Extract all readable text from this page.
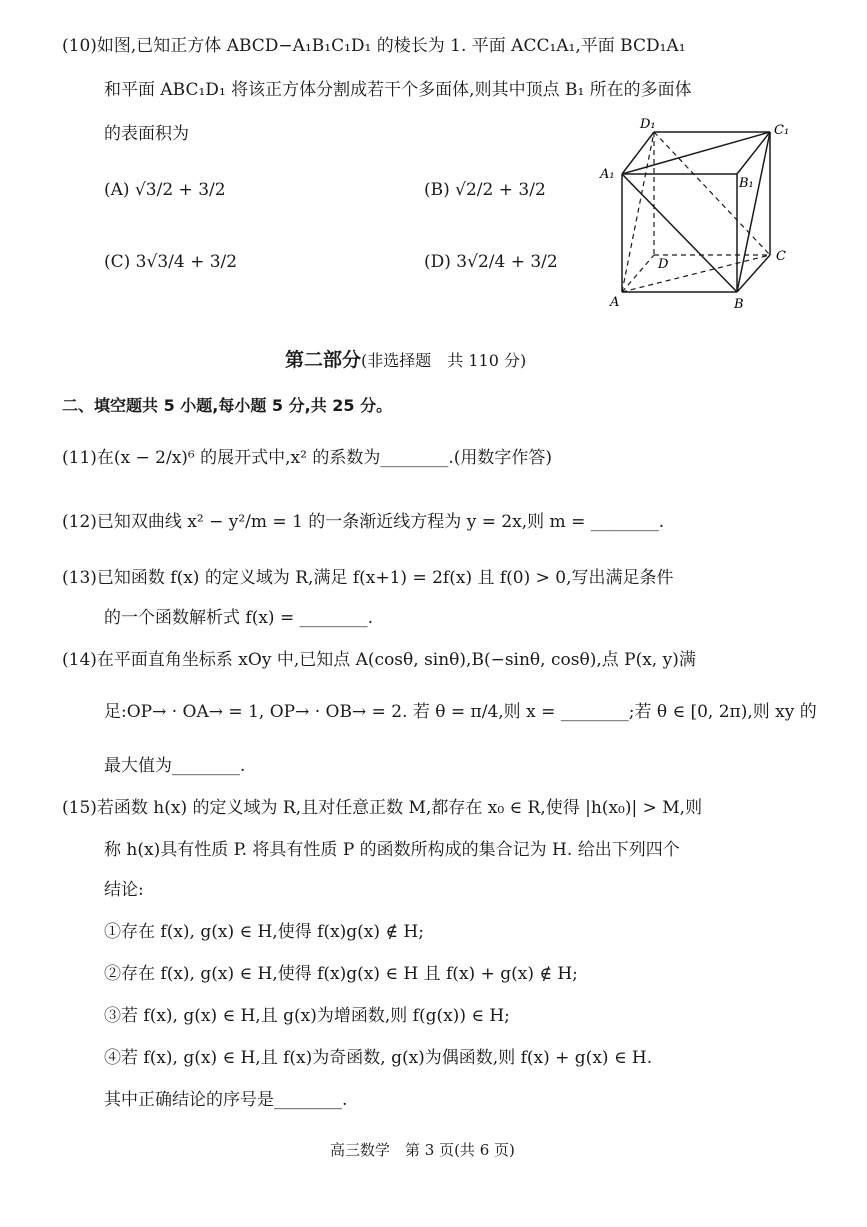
(10)如图,已知正方体 ABCD−A₁B₁C₁D₁ 的棱长为 1. 平面 ACC₁A₁,平面 BCD₁A₁
和平面 ABC₁D₁ 将该正方体分割成若干个多面体,则其中顶点 B₁ 所在的多面体
的表面积为
(A) √3/2 + 3/2	(B) √2/2 + 3/2
(C) 3√3/4 + 3/2	(D) 3√2/4 + 3/2
D₁	C₁
A₁
B₁
D
C
A	B
第二部分(非选择题　共 110 分)
二、填空题共 5 小题,每小题 5 分,共 25 分。
(11)在(x − 2/x)⁶ 的展开式中,x² 的系数为________.(用数字作答)
(12)已知双曲线 x² − y²/m = 1 的一条渐近线方程为 y = 2x,则 m = ________.
(13)已知函数 f(x) 的定义域为 R,满足 f(x+1) = 2f(x) 且 f(0) > 0,写出满足条件
的一个函数解析式 f(x) = ________.
(14)在平面直角坐标系 xOy 中,已知点 A(cosθ, sinθ),B(−sinθ, cosθ),点 P(x, y)满
足:OP→ · OA→ = 1, OP→ · OB→ = 2. 若 θ = π/4,则 x = ________;若 θ ∈ [0, 2π),则 xy 的
最大值为________.
(15)若函数 h(x) 的定义域为 R,且对任意正数 M,都存在 x₀ ∈ R,使得 |h(x₀)| > M,则
称 h(x)具有性质 P. 将具有性质 P 的函数所构成的集合记为 H. 给出下列四个
结论:
①存在 f(x), g(x) ∈ H,使得 f(x)g(x) ∉ H;
②存在 f(x), g(x) ∈ H,使得 f(x)g(x) ∈ H 且 f(x) + g(x) ∉ H;
③若 f(x), g(x) ∈ H,且 g(x)为增函数,则 f(g(x)) ∈ H;
④若 f(x), g(x) ∈ H,且 f(x)为奇函数, g(x)为偶函数,则 f(x) + g(x) ∈ H.
其中正确结论的序号是________.
高三数学　第 3 页(共 6 页)
